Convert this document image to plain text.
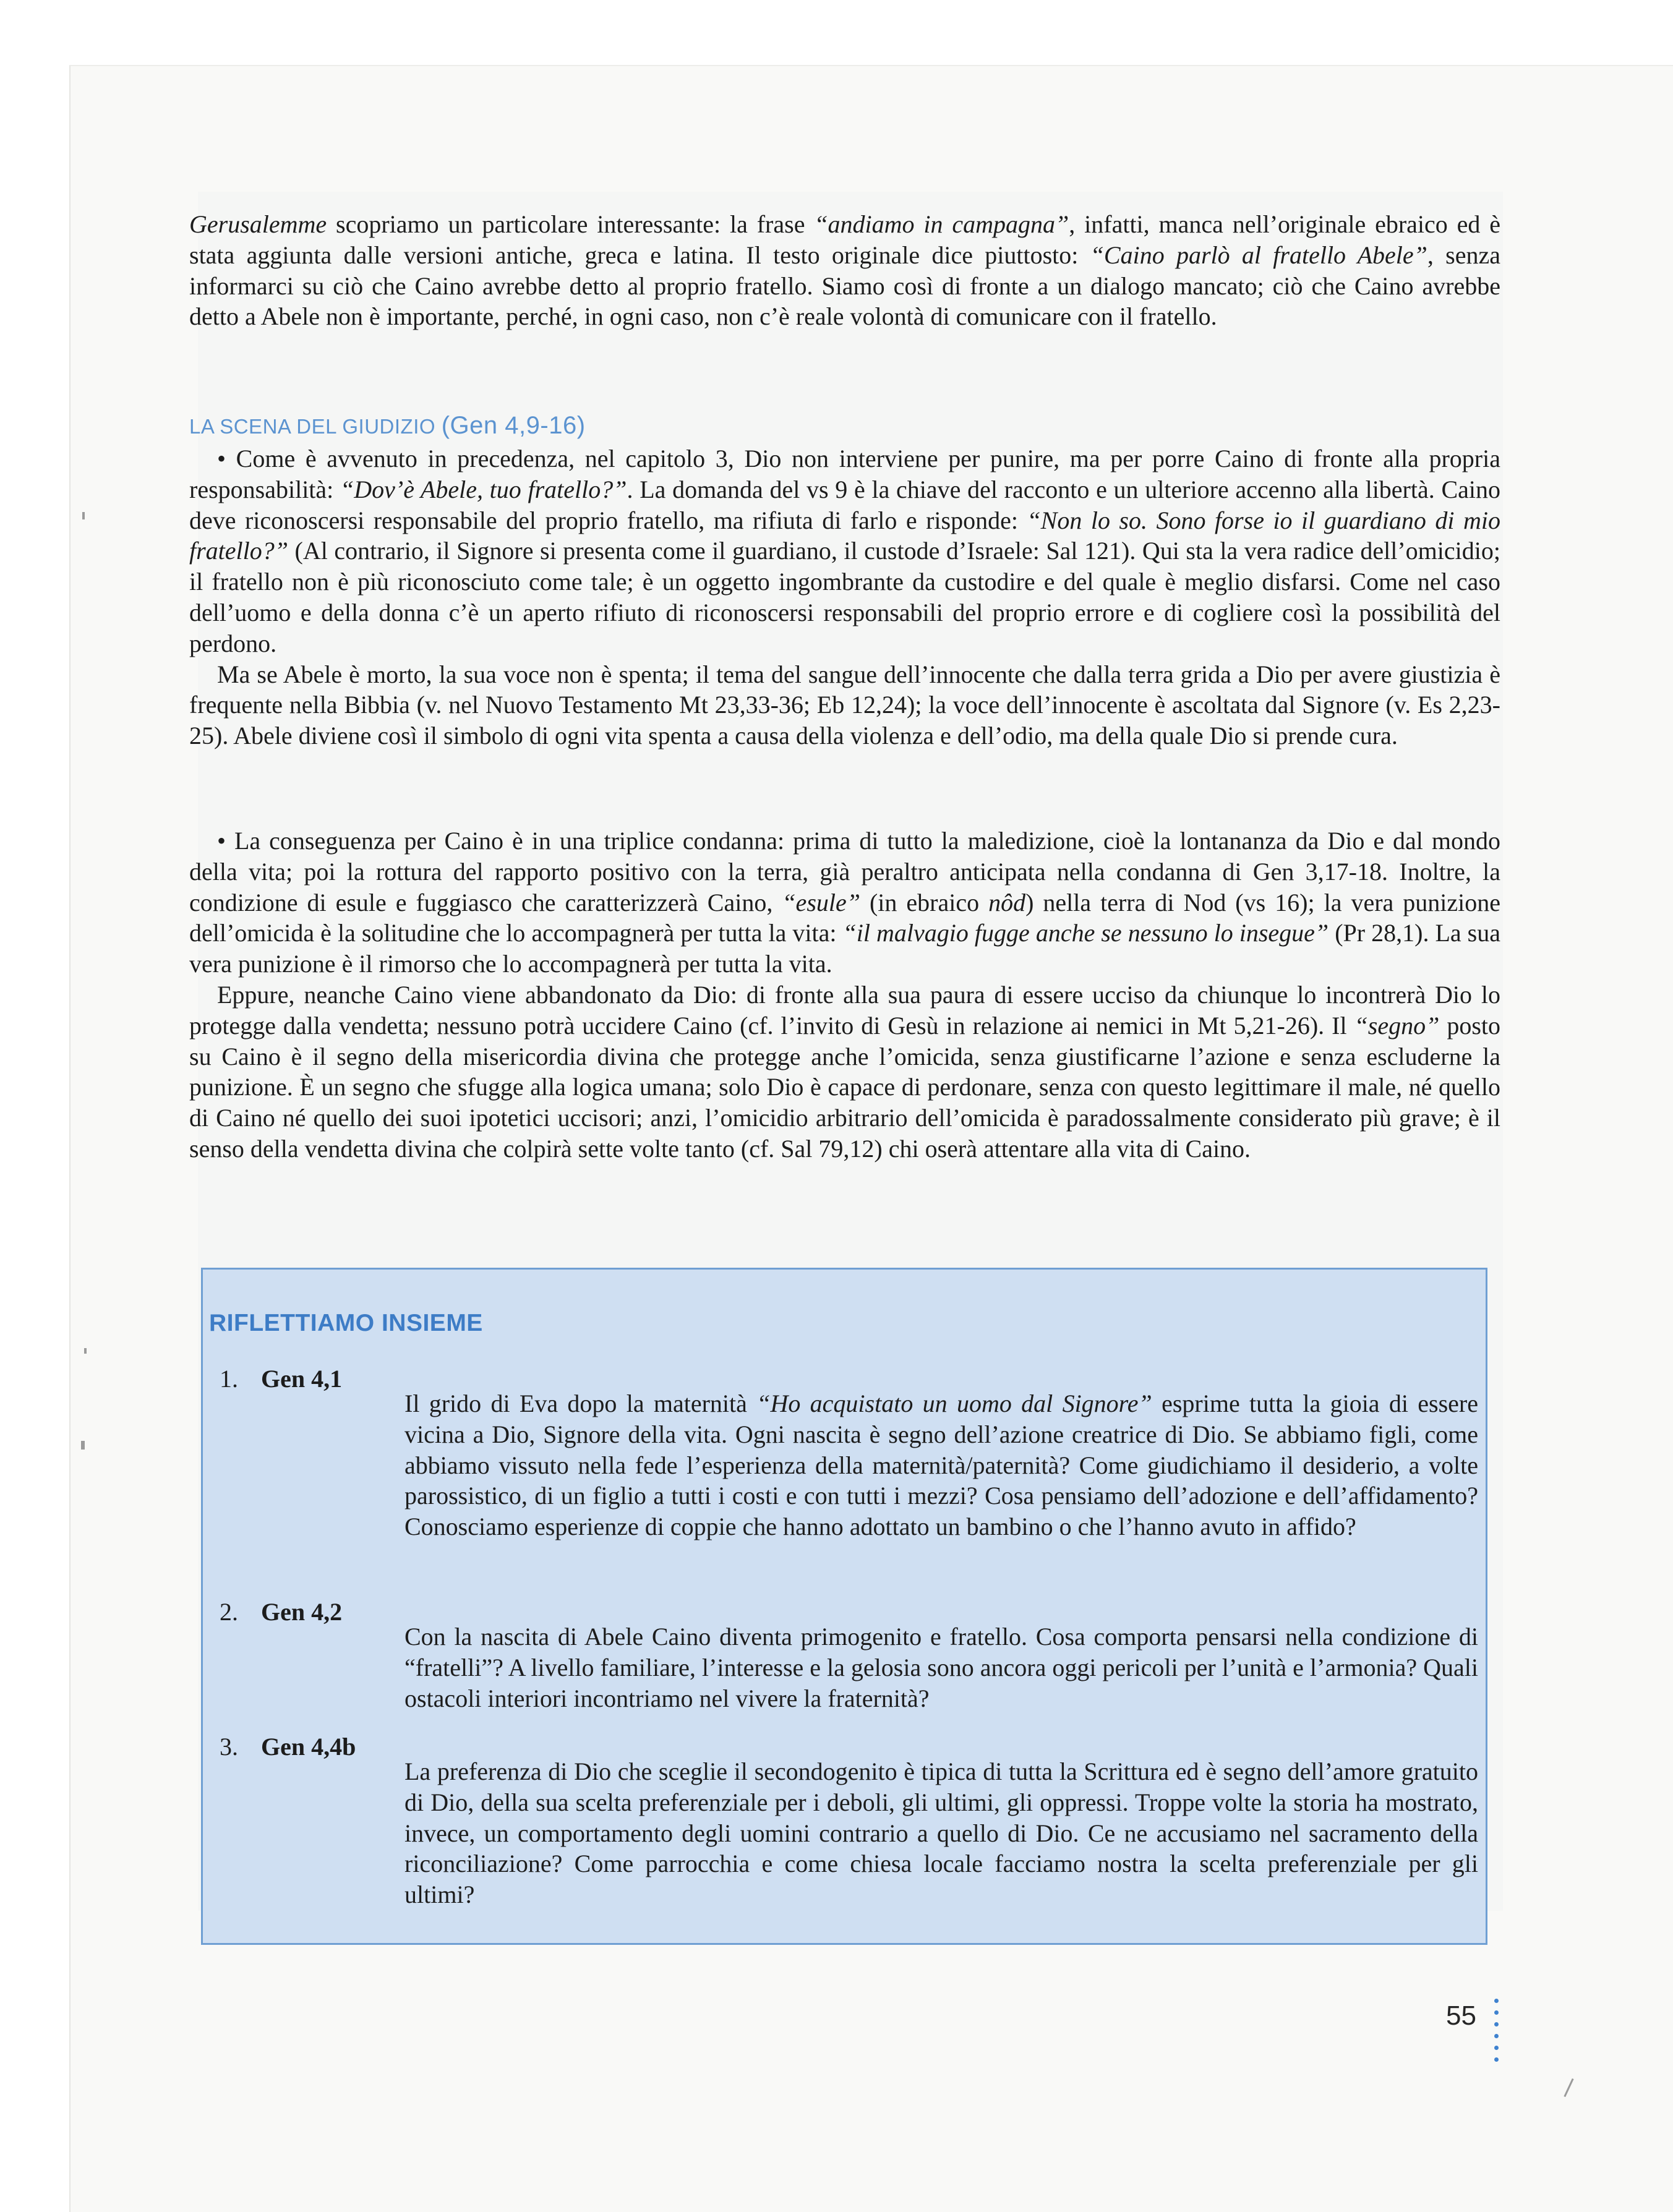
Gerusalemme scopriamo un particolare interessante: la frase “andiamo in campagna”, infatti, manca nell’originale ebraico ed è stata aggiunta dalle versioni antiche, greca e latina. Il testo originale dice piuttosto: “Caino parlò al fratello Abele”, senza informarci su ciò che Caino avrebbe detto al proprio fratello. Siamo così di fronte a un dialogo mancato; ciò che Caino avrebbe detto a Abele non è importante, perché, in ogni caso, non c’è reale volontà di comunicare con il fratello.

LA SCENA DEL GIUDIZIO (Gen 4,9-16)

• Come è avvenuto in precedenza, nel capitolo 3, Dio non interviene per punire, ma per porre Caino di fronte alla propria responsabilità: “Dov’è Abele, tuo fratello?”. La domanda del vs 9 è la chiave del racconto e un ulteriore accenno alla libertà. Caino deve riconoscersi responsabile del proprio fratello, ma rifiuta di farlo e risponde: “Non lo so. Sono forse io il guardiano di mio fratello?” (Al contrario, il Signore si presenta come il guardiano, il custode d’Israele: Sal 121). Qui sta la vera radice dell’omicidio; il fratello non è più riconosciuto come tale; è un oggetto ingombrante da custodire e del quale è meglio disfarsi. Come nel caso dell’uomo e della donna c’è un aperto rifiuto di riconoscersi responsabili del proprio errore e di cogliere così la possibilità del perdono.

Ma se Abele è morto, la sua voce non è spenta; il tema del sangue dell’innocente che dalla terra grida a Dio per avere giustizia è frequente nella Bibbia (v. nel Nuovo Testamento Mt 23,33-36; Eb 12,24); la voce dell’innocente è ascoltata dal Signore (v. Es 2,23-25). Abele diviene così il simbolo di ogni vita spenta a causa della violenza e dell’odio, ma della quale Dio si prende cura.

• La conseguenza per Caino è in una triplice condanna: prima di tutto la maledizione, cioè la lontananza da Dio e dal mondo della vita; poi la rottura del rapporto positivo con la terra, già peraltro anticipata nella condanna di Gen 3,17-18. Inoltre, la condizione di esule e fuggiasco che caratterizzerà Caino, “esule” (in ebraico nôd) nella terra di Nod (vs 16); la vera punizione dell’omicida è la solitudine che lo accompagnerà per tutta la vita: “il malvagio fugge anche se nessuno lo insegue” (Pr 28,1). La sua vera punizione è il rimorso che lo accompagnerà per tutta la vita.

Eppure, neanche Caino viene abbandonato da Dio: di fronte alla sua paura di essere ucciso da chiunque lo incontrerà Dio lo protegge dalla vendetta; nessuno potrà uccidere Caino (cf. l’invito di Gesù in relazione ai nemici in Mt 5,21-26). Il “segno” posto su Caino è il segno della misericordia divina che protegge anche l’omicida, senza giustificarne l’azione e senza escluderne la punizione. È un segno che sfugge alla logica umana; solo Dio è capace di perdonare, senza con questo legittimare il male, né quello di Caino né quello dei suoi ipotetici uccisori; anzi, l’omicidio arbitrario dell’omicida è paradossalmente considerato più grave; è il senso della vendetta divina che colpirà sette volte tanto (cf. Sal 79,12) chi oserà attentare alla vita di Caino.

RIFLETTIAMO INSIEME
1. Gen 4,1

Il grido di Eva dopo la maternità “Ho acquistato un uomo dal Signore” esprime tutta la gioia di essere vicina a Dio, Signore della vita. Ogni nascita è segno dell’azione creatrice di Dio. Se abbiamo figli, come abbiamo vissuto nella fede l’esperienza della maternità/paternità? Come giudichiamo il desiderio, a volte parossistico, di un figlio a tutti i costi e con tutti i mezzi? Cosa pensiamo dell’adozione e dell’affidamento? Conosciamo esperienze di coppie che hanno adottato un bambino o che l’hanno avuto in affido?

2. Gen 4,2

Con la nascita di Abele Caino diventa primogenito e fratello. Cosa comporta pensarsi nella condizione di “fratelli”? A livello familiare, l’interesse e la gelosia sono ancora oggi pericoli per l’unità e l’armonia? Quali ostacoli interiori incontriamo nel vivere la fraternità?

3. Gen 4,4b

La preferenza di Dio che sceglie il secondogenito è tipica di tutta la Scrittura ed è segno dell’amore gratuito di Dio, della sua scelta preferenziale per i deboli, gli ultimi, gli oppressi. Troppe volte la storia ha mostrato, invece, un comportamento degli uomini contrario a quello di Dio. Ce ne accusiamo nel sacramento della riconciliazione? Come parrocchia e come chiesa locale facciamo nostra la scelta preferenziale per gli ultimi?

55
